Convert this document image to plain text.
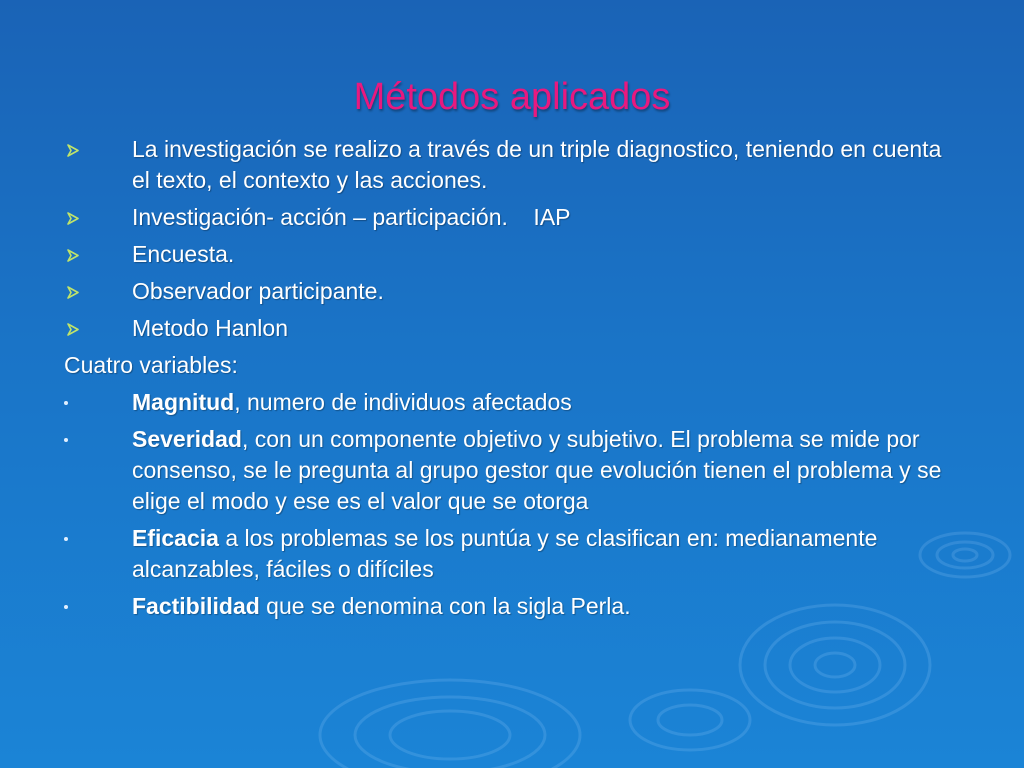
Métodos aplicados
La investigación se realizo a través de un triple diagnostico, teniendo en cuenta el texto, el contexto y las acciones.
Investigación- acción – participación.    IAP
Encuesta.
Observador participante.
Metodo Hanlon
Cuatro variables:
Magnitud, numero de individuos afectados
Severidad, con un componente objetivo y subjetivo. El problema se mide por consenso, se le pregunta al grupo gestor que evolución tienen el problema y se elige el modo y ese es el valor que se otorga
Eficacia a los problemas se los puntúa y se clasifican en: medianamente alcanzables, fáciles o difíciles
Factibilidad que se denomina con la sigla Perla.
